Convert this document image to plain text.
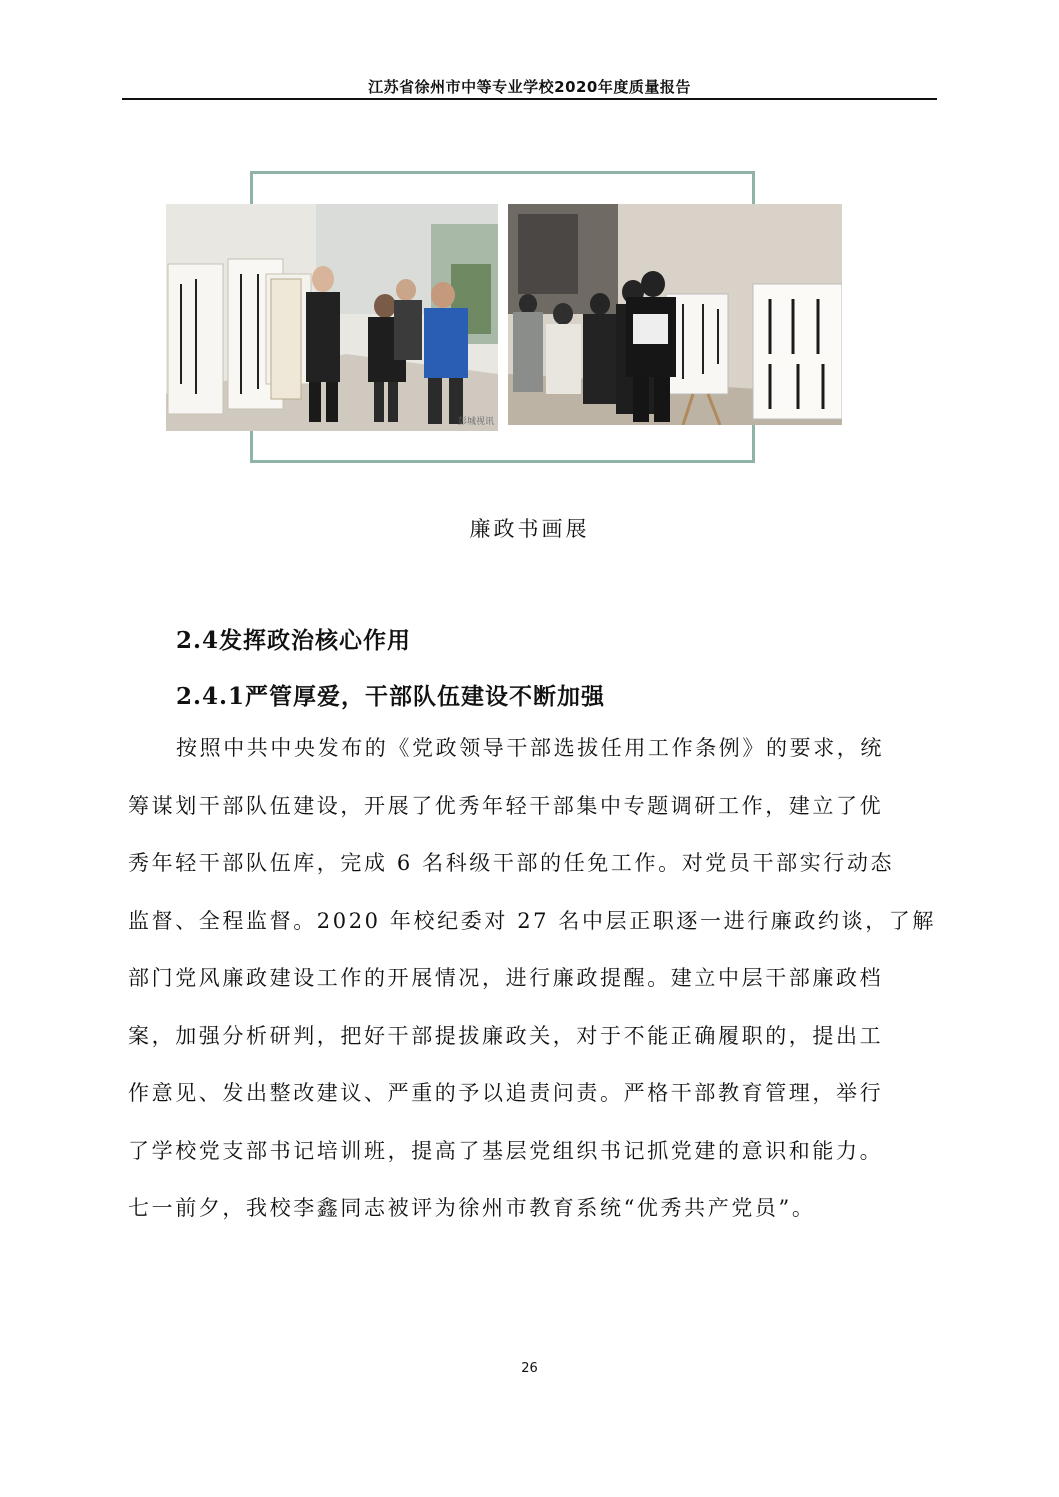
江苏省徐州市中等专业学校2020年度质量报告
彭城视讯
廉政书画展
2.4发挥政治核心作用
2.4.1严管厚爱，干部队伍建设不断加强
按照中共中央发布的《党政领导干部选拔任用工作条例》的要求，统
筹谋划干部队伍建设，开展了优秀年轻干部集中专题调研工作，建立了优
秀年轻干部队伍库，完成 6 名科级干部的任免工作。对党员干部实行动态
监督、全程监督。2020 年校纪委对 27 名中层正职逐一进行廉政约谈，了解
部门党风廉政建设工作的开展情况，进行廉政提醒。建立中层干部廉政档
案，加强分析研判，把好干部提拔廉政关，对于不能正确履职的，提出工
作意见、发出整改建议、严重的予以追责问责。严格干部教育管理，举行
了学校党支部书记培训班，提高了基层党组织书记抓党建的意识和能力。
七一前夕，我校李鑫同志被评为徐州市教育系统“优秀共产党员”。
26
